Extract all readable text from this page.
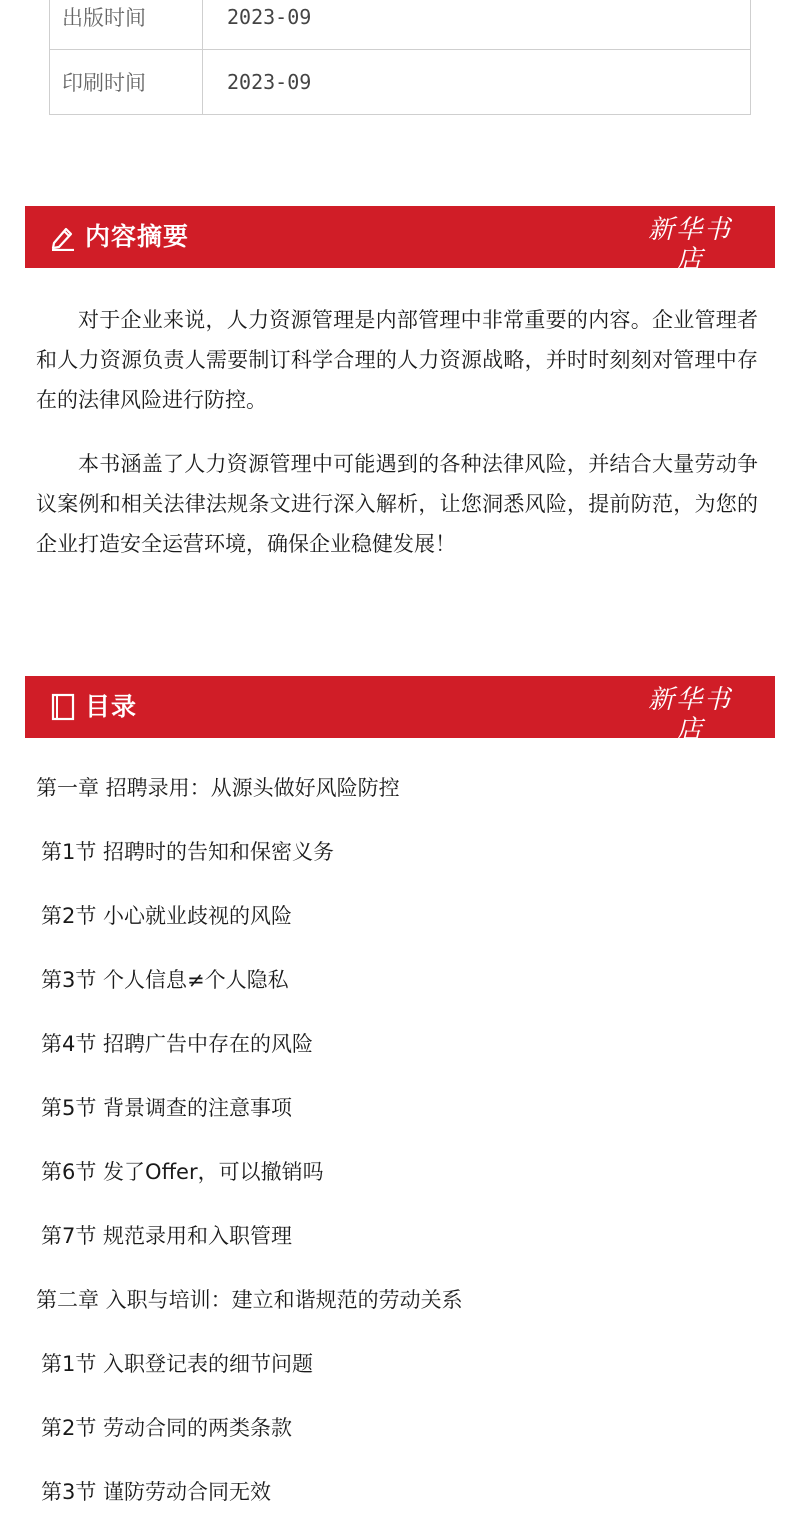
出版时间	2023-09
印刷时间	2023-09
内容摘要	新华书店
XINHUA BOOKSTORE

对于企业来说，人力资源管理是内部管理中非常重要的内容。企业管理者和人力资源负责人需要制订科学合理的人力资源战略，并时时刻刻对管理中存在的法律风险进行防控。

本书涵盖了人力资源管理中可能遇到的各种法律风险，并结合大量劳动争议案例和相关法律法规条文进行深入解析，让您洞悉风险，提前防范，为您的企业打造安全运营环境，确保企业稳健发展！

目录	新华书店
XINHUA BOOKSTORE
第一章 招聘录用：从源头做好风险防控
第1节 招聘时的告知和保密义务
第2节 小心就业歧视的风险
第3节 个人信息≠个人隐私
第4节 招聘广告中存在的风险
第5节 背景调查的注意事项
第6节 发了Offer，可以撤销吗
第7节 规范录用和入职管理
第二章 入职与培训：建立和谐规范的劳动关系
第1节 入职登记表的细节问题
第2节 劳动合同的两类条款
第3节 谨防劳动合同无效
